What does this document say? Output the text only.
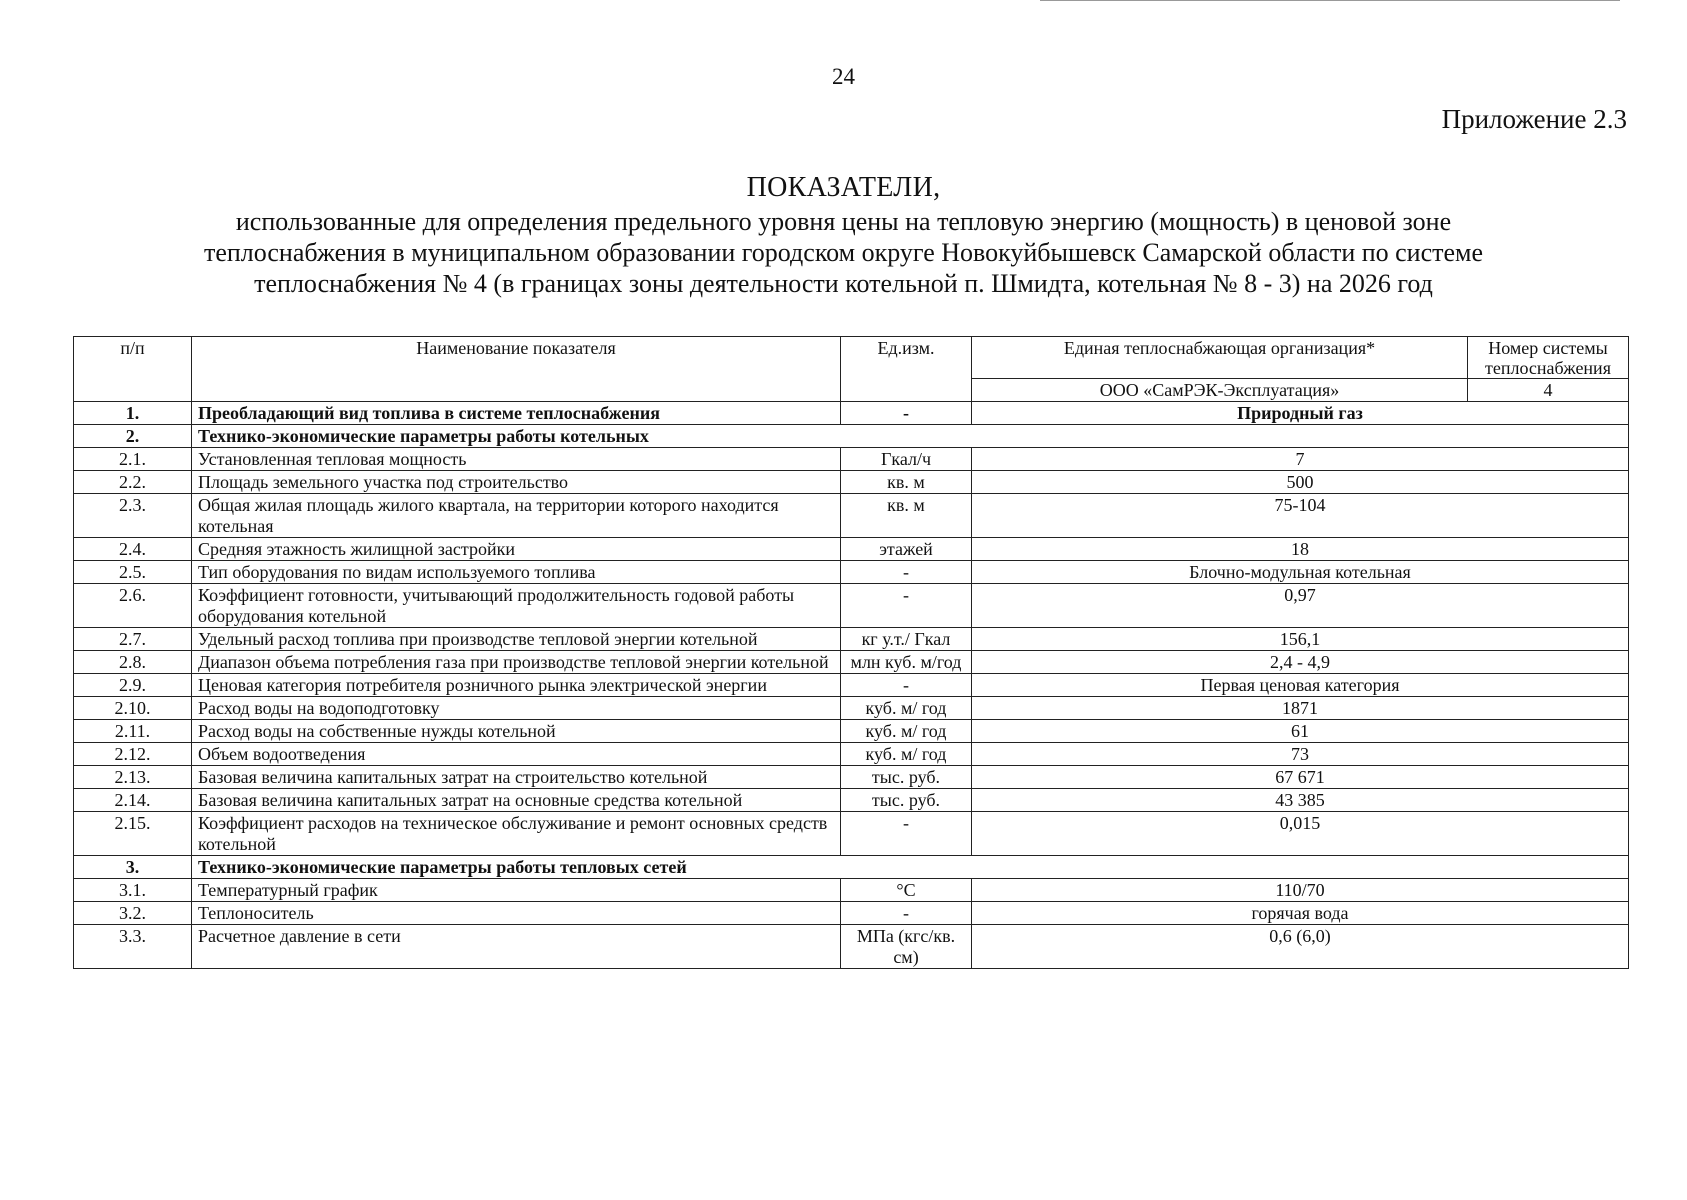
24
Приложение 2.3
ПОКАЗАТЕЛИ,
использованные для определения предельного уровня цены на тепловую энергию (мощность) в ценовой зоне
теплоснабжения в муниципальном образовании городском округе Новокуйбышевск Самарской области по системе
теплоснабжения № 4 (в границах зоны деятельности котельной п. Шмидта, котельная № 8 - 3) на 2026 год
п/п	Наименование показателя	Ед.изм.	Единая теплоснабжающая организация*	Номер системы теплоснабжения
			ООО «СамРЭК-Эксплуатация»	4
1.	Преобладающий вид топлива в системе теплоснабжения	-	Природный газ	
2.	Технико-экономические параметры работы котельных			
2.1.	Установленная тепловая мощность	Гкал/ч	7	
2.2.	Площадь земельного участка под строительство	кв. м	500	
2.3.	Общая жилая площадь жилого квартала, на территории которого находится котельная	кв. м	75-104	
2.4.	Средняя этажность жилищной застройки	этажей	18	
2.5.	Тип оборудования по видам используемого топлива	-	Блочно-модульная котельная	
2.6.	Коэффициент готовности, учитывающий продолжительность годовой работы оборудования котельной	-	0,97	
2.7.	Удельный расход топлива при производстве тепловой энергии котельной	кг у.т./ Гкал	156,1	
2.8.	Диапазон объема потребления газа при производстве тепловой энергии котельной	млн куб. м/год	2,4 - 4,9	
2.9.	Ценовая категория потребителя розничного рынка электрической энергии	-	Первая ценовая категория	
2.10.	Расход воды на водоподготовку	куб. м/ год	1871	
2.11.	Расход воды на собственные нужды котельной	куб. м/ год	61	
2.12.	Объем водоотведения	куб. м/ год	73	
2.13.	Базовая величина капитальных затрат на строительство котельной	тыс. руб.	67 671	
2.14.	Базовая величина капитальных затрат на основные средства котельной	тыс. руб.	43 385	
2.15.	Коэффициент расходов на техническое обслуживание и ремонт основных средств котельной	-	0,015	
3.	Технико-экономические параметры работы тепловых сетей			
3.1.	Температурный график	°С	110/70	
3.2.	Теплоноситель	-	горячая вода	
3.3.	Расчетное давление в сети	МПа (кгс/кв. см)	0,6 (6,0)	
